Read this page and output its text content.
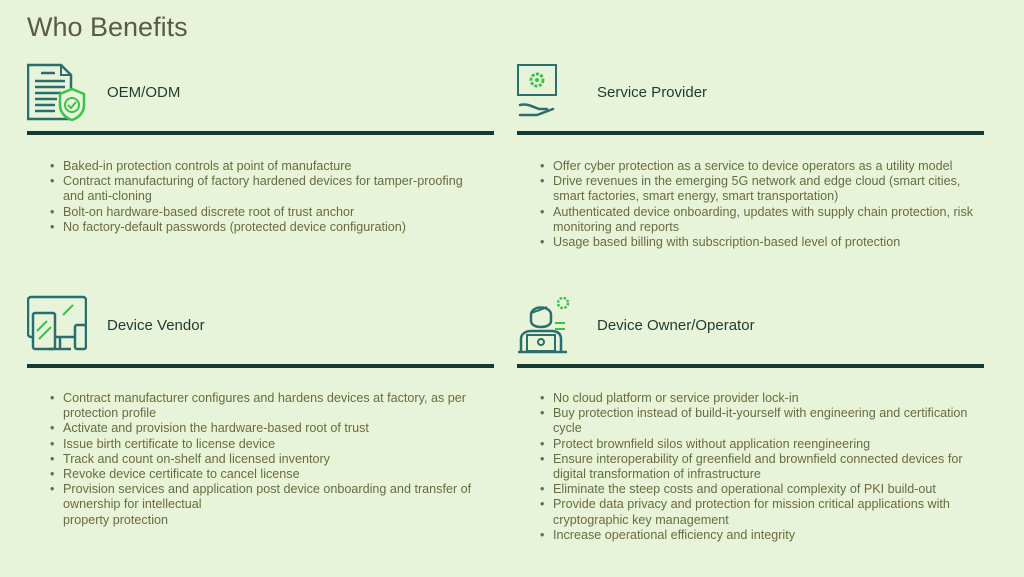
Who Benefits
OEM/ODM
• Baked-in protection controls at point of manufacture
• Contract manufacturing of factory hardened devices for tamper-proofing and anti-cloning
• Bolt-on hardware-based discrete root of trust anchor
• No factory-default passwords (protected device configuration)
Service Provider
• Offer cyber protection as a service to device operators as a utility model
• Drive revenues in the emerging 5G network and edge cloud (smart cities, smart factories, smart energy, smart transportation)
• Authenticated device onboarding, updates with supply chain protection, risk monitoring and reports
• Usage based billing with subscription-based level of protection
Device Vendor
• Contract manufacturer configures and hardens devices at factory, as per protection profile
• Activate and provision the hardware-based root of trust
• Issue birth certificate to license device
• Track and count on-shelf and licensed inventory
• Revoke device certificate to cancel license
• Provision services and application post device onboarding and transfer of ownership for intellectual
property protection
Device Owner/Operator
• No cloud platform or service provider lock-in
• Buy protection instead of build-it-yourself with engineering and certification cycle
• Protect brownfield silos without application reengineering
• Ensure interoperability of greenfield and brownfield connected devices for digital transformation of infrastructure
• Eliminate the steep costs and operational complexity of PKI build-out
• Provide data privacy and protection for mission critical applications with cryptographic key management
• Increase operational efficiency and integrity
